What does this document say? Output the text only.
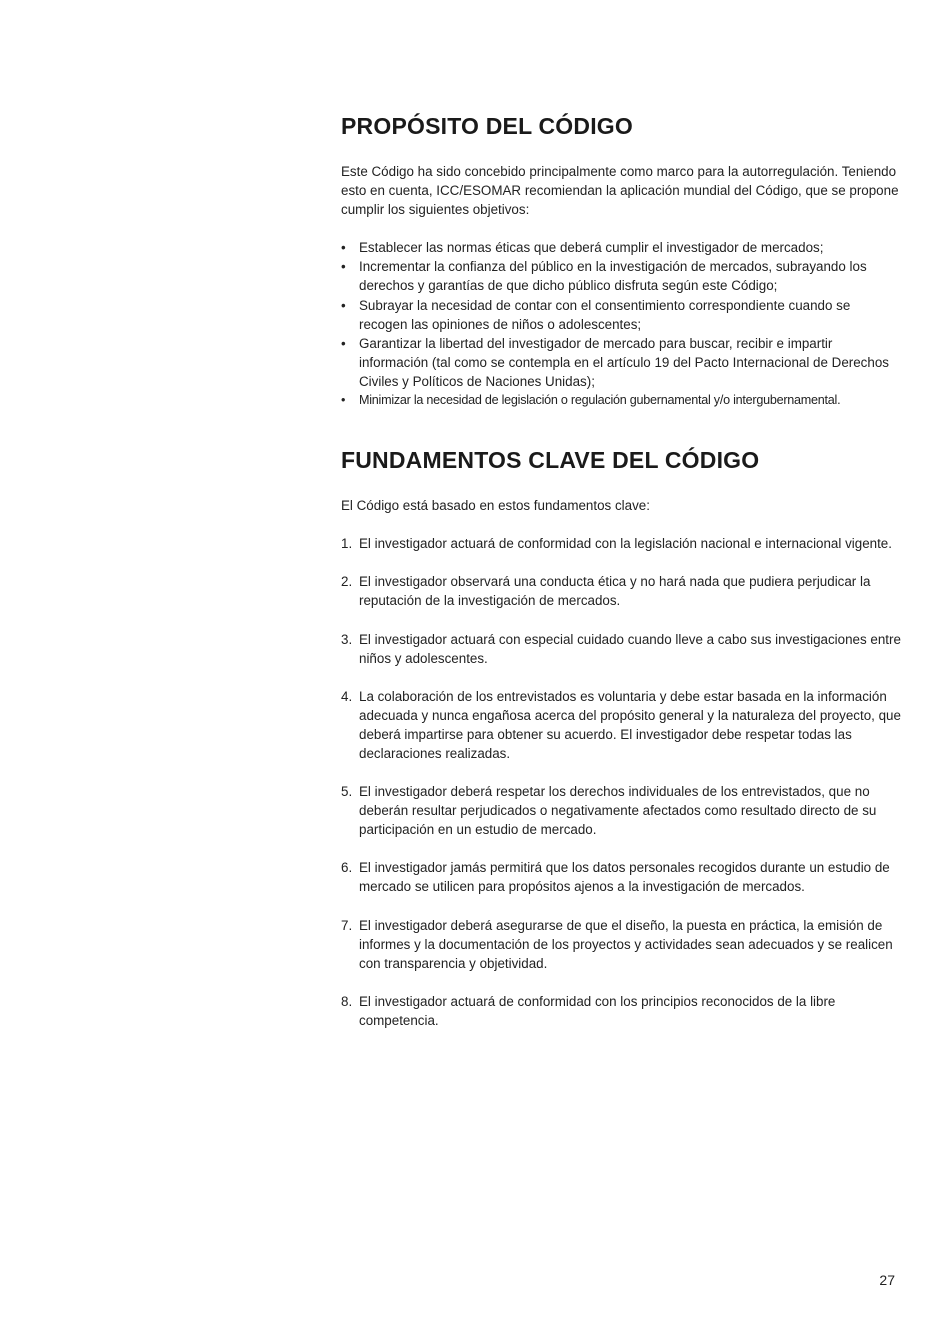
PROPÓSITO DEL CÓDIGO

Este Código ha sido concebido principalmente como marco para la autorregulación. Teniendo esto en cuenta, ICC/ESOMAR recomiendan la aplicación mundial del Código, que se propone cumplir los siguientes objetivos:

• Establecer las normas éticas que deberá cumplir el investigador de mercados;
• Incrementar la confianza del público en la investigación de mercados, subrayando los derechos y garantías de que dicho público disfruta según este Código;
• Subrayar la necesidad de contar con el consentimiento correspondiente cuando se recogen las opiniones de niños o adolescentes;
• Garantizar la libertad del investigador de mercado para buscar, recibir e impartir información (tal como se contempla en el artículo 19 del Pacto Internacional de Derechos Civiles y Políticos de Naciones Unidas);
• Minimizar la necesidad de legislación o regulación gubernamental y/o intergubernamental.
FUNDAMENTOS CLAVE DEL CÓDIGO

El Código está basado en estos fundamentos clave:

1. El investigador actuará de conformidad con la legislación nacional e internacional vigente.
2. El investigador observará una conducta ética y no hará nada que pudiera perjudicar la reputación de la investigación de mercados.
3. El investigador actuará con especial cuidado cuando lleve a cabo sus investigaciones entre niños y adolescentes.
4. La colaboración de los entrevistados es voluntaria y debe estar basada en la información adecuada y nunca engañosa acerca del propósito general y la naturaleza del proyecto, que deberá impartirse para obtener su acuerdo. El investigador debe respetar todas las declaraciones realizadas.
5. El investigador deberá respetar los derechos individuales de los entrevistados, que no deberán resultar perjudicados o negativamente afectados como resultado directo de su participación en un estudio de mercado.
6. El investigador jamás permitirá que los datos personales recogidos durante un estudio de mercado se utilicen para propósitos ajenos a la investigación de mercados.
7. El investigador deberá asegurarse de que el diseño, la puesta en práctica, la emisión de informes y la documentación de los proyectos y actividades sean adecuados y se realicen con transparencia y objetividad.
8. El investigador actuará de conformidad con los principios reconocidos de la libre competencia.
27
